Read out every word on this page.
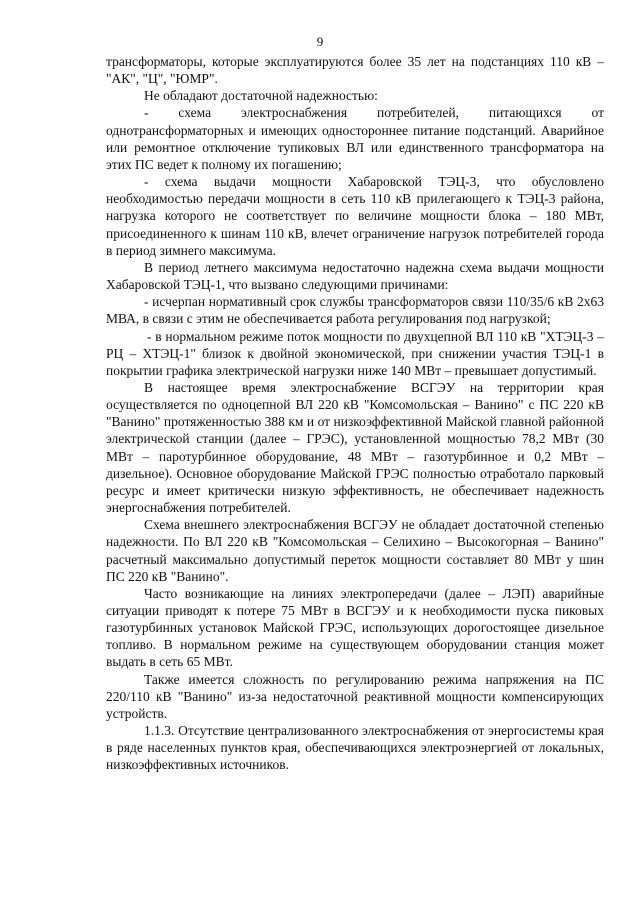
9

трансформаторы, которые эксплуатируются более 35 лет на подстанциях 110 кВ – "АК", "Ц", "ЮМР".

Не обладают достаточной надежностью:

- схема электроснабжения потребителей, питающихся от однотрансформаторных и имеющих одностороннее питание подстанций. Аварийное или ремонтное отключение тупиковых ВЛ или единственного трансформатора на этих ПС ведет к полному их погашению;

- схема выдачи мощности Хабаровской ТЭЦ-3, что обусловлено необходимостью передачи мощности в сеть 110 кВ прилегающего к ТЭЦ-3 района, нагрузка которого не соответствует по величине мощности блока – 180 МВт, присоединенного к шинам 110 кВ, влечет ограничение нагрузок потребителей города в период зимнего максимума.

В период летнего максимума недостаточно надежна схема выдачи мощности Хабаровской ТЭЦ-1, что вызвано следующими причинами:

- исчерпан нормативный срок службы трансформаторов связи 110/35/6 кВ 2х63 МВА, в связи с этим не обеспечивается работа регулирования под нагрузкой;

- в нормальном режиме поток мощности по двухцепной ВЛ 110 кВ "ХТЭЦ-3 – РЦ – ХТЭЦ-1" близок к двойной экономической, при снижении участия ТЭЦ-1 в покрытии графика электрической нагрузки ниже 140 МВт – превышает допустимый.

В настоящее время электроснабжение ВСГЭУ на территории края осуществляется по одноцепной ВЛ 220 кВ "Комсомольская – Ванино" с ПС 220 кВ "Ванино" протяженностью 388 км и от низкоэффективной Майской главной районной электрической станции (далее – ГРЭС), установленной мощностью 78,2 МВт (30 МВт – паротурбинное оборудование, 48 МВт – газотурбинное и 0,2 МВт – дизельное). Основное оборудование Майской ГРЭС полностью отработало парковый ресурс и имеет критически низкую эффективность, не обеспечивает надежность энергоснабжения потребителей.

Схема внешнего электроснабжения ВСГЭУ не обладает достаточной степенью надежности. По ВЛ 220 кВ "Комсомольская – Селихино – Высокогорная – Ванино" расчетный максимально допустимый переток мощности составляет 80 МВт у шин ПС 220 кВ "Ванино".

Часто возникающие на линиях электропередачи (далее – ЛЭП) аварийные ситуации приводят к потере 75 МВт в ВСГЭУ и к необходимости пуска пиковых газотурбинных установок Майской ГРЭС, использующих дорогостоящее дизельное топливо. В нормальном режиме на существующем оборудовании станция может выдать в сеть 65 МВт.

Также имеется сложность по регулированию режима напряжения на ПС 220/110 кВ "Ванино" из-за недостаточной реактивной мощности компенсирующих устройств.

1.1.3. Отсутствие централизованного электроснабжения от энергосистемы края в ряде населенных пунктов края, обеспечивающихся электроэнергией от локальных, низкоэффективных источников.
